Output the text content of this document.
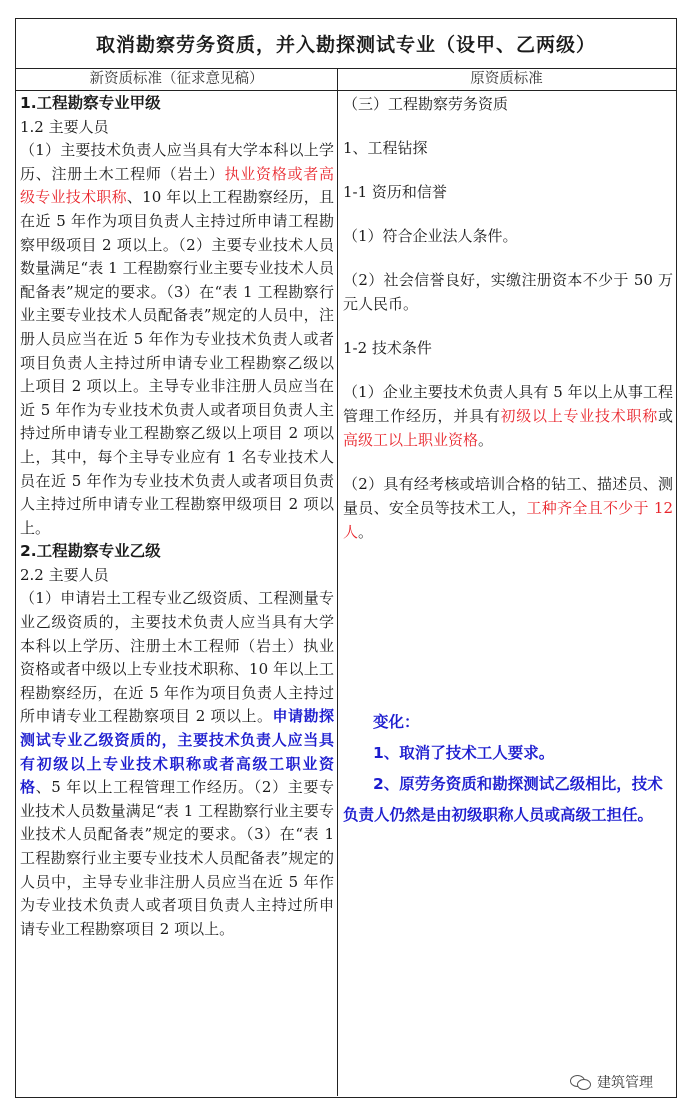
取消勘察劳务资质，并入勘探测试专业（设甲、乙两级）
新资质标准（征求意见稿）	原资质标准
1.工程勘察专业甲级
1.2 主要人员

（1）主要技术负责人应当具有大学本科以上学历、注册土木工程师（岩土）执业资格或者高级专业技术职称、10 年以上工程勘察经历，且在近 5 年作为项目负责人主持过所申请工程勘察甲级项目 2 项以上。（2）主要专业技术人员数量满足“表 1 工程勘察行业主要专业技术人员配备表”规定的要求。（3）在“表 1 工程勘察行业主要专业技术人员配备表”规定的人员中，注册人员应当在近 5 年作为专业技术负责人或者项目负责人主持过所申请专业工程勘察乙级以上项目 2 项以上。主导专业非注册人员应当在近 5 年作为专业技术负责人或者项目负责人主持过所申请专业工程勘察乙级以上项目 2 项以上，其中，每个主导专业应有 1 名专业技术人员在近 5 年作为专业技术负责人或者项目负责人主持过所申请专业工程勘察甲级项目 2 项以上。

2.工程勘察专业乙级
2.2 主要人员

（1）申请岩土工程专业乙级资质、工程测量专业乙级资质的，主要技术负责人应当具有大学本科以上学历、注册土木工程师（岩土）执业资格或者中级以上专业技术职称、10 年以上工程勘察经历，在近 5 年作为项目负责人主持过所申请专业工程勘察项目 2 项以上。申请勘探测试专业乙级资质的，主要技术负责人应当具有初级以上专业技术职称或者高级工职业资格、5 年以上工程管理工作经历。（2）主要专业技术人员数量满足“表 1 工程勘察行业主要专业技术人员配备表”规定的要求。（3）在“表 1 工程勘察行业主要专业技术人员配备表”规定的人员中，主导专业非注册人员应当在近 5 年作为专业技术负责人或者项目负责人主持过所申请专业工程勘察项目 2 项以上。

（三）工程勘察劳务资质

1、工程钻探

1-1 资历和信誉

（1）符合企业法人条件。

（2）社会信誉良好，实缴注册资本不少于 50 万元人民币。

1-2 技术条件

（1）企业主要技术负责人具有 5 年以上从事工程管理工作经历，并具有初级以上专业技术职称或高级工以上职业资格。

（2）具有经考核或培训合格的钻工、描述员、测量员、安全员等技术工人，工种齐全且不少于 12 人。

变化：

1、取消了技术工人要求。

2、原劳务资质和勘探测试乙级相比，技术负责人仍然是由初级职称人员或高级工担任。

建筑管理
